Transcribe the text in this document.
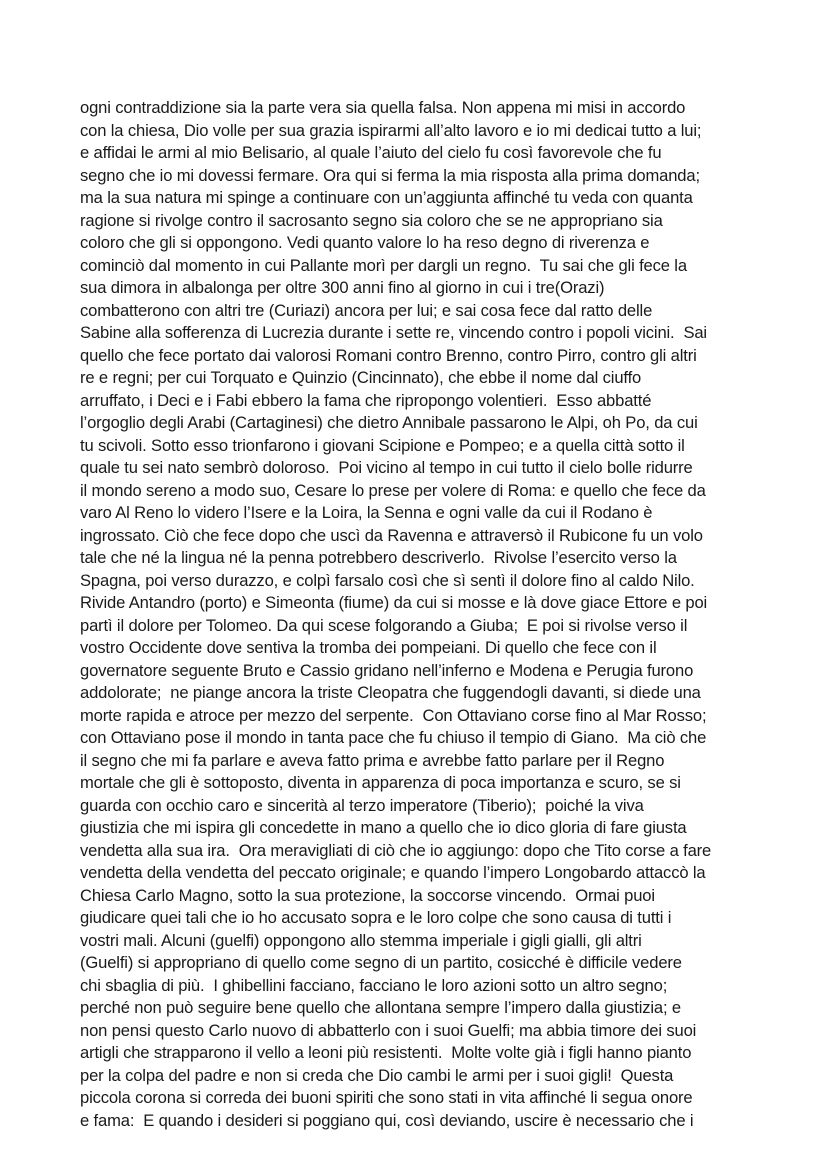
ogni contraddizione sia la parte vera sia quella falsa. Non appena mi misi in accordo
con la chiesa, Dio volle per sua grazia ispirarmi all’alto lavoro e io mi dedicai tutto a lui;
e affidai le armi al mio Belisario, al quale l’aiuto del cielo fu così favorevole che fu
segno che io mi dovessi fermare. Ora qui si ferma la mia risposta alla prima domanda;
ma la sua natura mi spinge a continuare con un’aggiunta affinché tu veda con quanta
ragione si rivolge contro il sacrosanto segno sia coloro che se ne appropriano sia
coloro che gli si oppongono. Vedi quanto valore lo ha reso degno di riverenza e
cominciò dal momento in cui Pallante morì per dargli un regno.  Tu sai che gli fece la
sua dimora in albalonga per oltre 300 anni fino al giorno in cui i tre(Orazi)
combatterono con altri tre (Curiazi) ancora per lui; e sai cosa fece dal ratto delle
Sabine alla sofferenza di Lucrezia durante i sette re, vincendo contro i popoli vicini.  Sai
quello che fece portato dai valorosi Romani contro Brenno, contro Pirro, contro gli altri
re e regni; per cui Torquato e Quinzio (Cincinnato), che ebbe il nome dal ciuffo
arruffato, i Deci e i Fabi ebbero la fama che ripropongo volentieri.  Esso abbatté
l’orgoglio degli Arabi (Cartaginesi) che dietro Annibale passarono le Alpi, oh Po, da cui
tu scivoli. Sotto esso trionfarono i giovani Scipione e Pompeo; e a quella città sotto il
quale tu sei nato sembrò doloroso.  Poi vicino al tempo in cui tutto il cielo bolle ridurre
il mondo sereno a modo suo, Cesare lo prese per volere di Roma: e quello che fece da
varo Al Reno lo videro l’Isere e la Loira, la Senna e ogni valle da cui il Rodano è
ingrossato. Ciò che fece dopo che uscì da Ravenna e attraversò il Rubicone fu un volo
tale che né la lingua né la penna potrebbero descriverlo.  Rivolse l’esercito verso la
Spagna, poi verso durazzo, e colpì farsalo così che sì sentì il dolore fino al caldo Nilo.
Rivide Antandro (porto) e Simeonta (fiume) da cui si mosse e là dove giace Ettore e poi
partì il dolore per Tolomeo. Da qui scese folgorando a Giuba;  E poi si rivolse verso il
vostro Occidente dove sentiva la tromba dei pompeiani. Di quello che fece con il
governatore seguente Bruto e Cassio gridano nell’inferno e Modena e Perugia furono
addolorate;  ne piange ancora la triste Cleopatra che fuggendogli davanti, si diede una
morte rapida e atroce per mezzo del serpente.  Con Ottaviano corse fino al Mar Rosso;
con Ottaviano pose il mondo in tanta pace che fu chiuso il tempio di Giano.  Ma ciò che
il segno che mi fa parlare e aveva fatto prima e avrebbe fatto parlare per il Regno
mortale che gli è sottoposto, diventa in apparenza di poca importanza e scuro, se si
guarda con occhio caro e sincerità al terzo imperatore (Tiberio);  poiché la viva
giustizia che mi ispira gli concedette in mano a quello che io dico gloria di fare giusta
vendetta alla sua ira.  Ora meravigliati di ciò che io aggiungo: dopo che Tito corse a fare
vendetta della vendetta del peccato originale; e quando l’impero Longobardo attaccò la
Chiesa Carlo Magno, sotto la sua protezione, la soccorse vincendo.  Ormai puoi
giudicare quei tali che io ho accusato sopra e le loro colpe che sono causa di tutti i
vostri mali. Alcuni (guelfi) oppongono allo stemma imperiale i gigli gialli, gli altri
(Guelfi) si appropriano di quello come segno di un partito, cosicché è difficile vedere
chi sbaglia di più.  I ghibellini facciano, facciano le loro azioni sotto un altro segno;
perché non può seguire bene quello che allontana sempre l’impero dalla giustizia; e
non pensi questo Carlo nuovo di abbatterlo con i suoi Guelfi; ma abbia timore dei suoi
artigli che strapparono il vello a leoni più resistenti.  Molte volte già i figli hanno pianto
per la colpa del padre e non si creda che Dio cambi le armi per i suoi gigli!  Questa
piccola corona si correda dei buoni spiriti che sono stati in vita affinché li segua onore
e fama:  E quando i desideri si poggiano qui, così deviando, uscire è necessario che i
